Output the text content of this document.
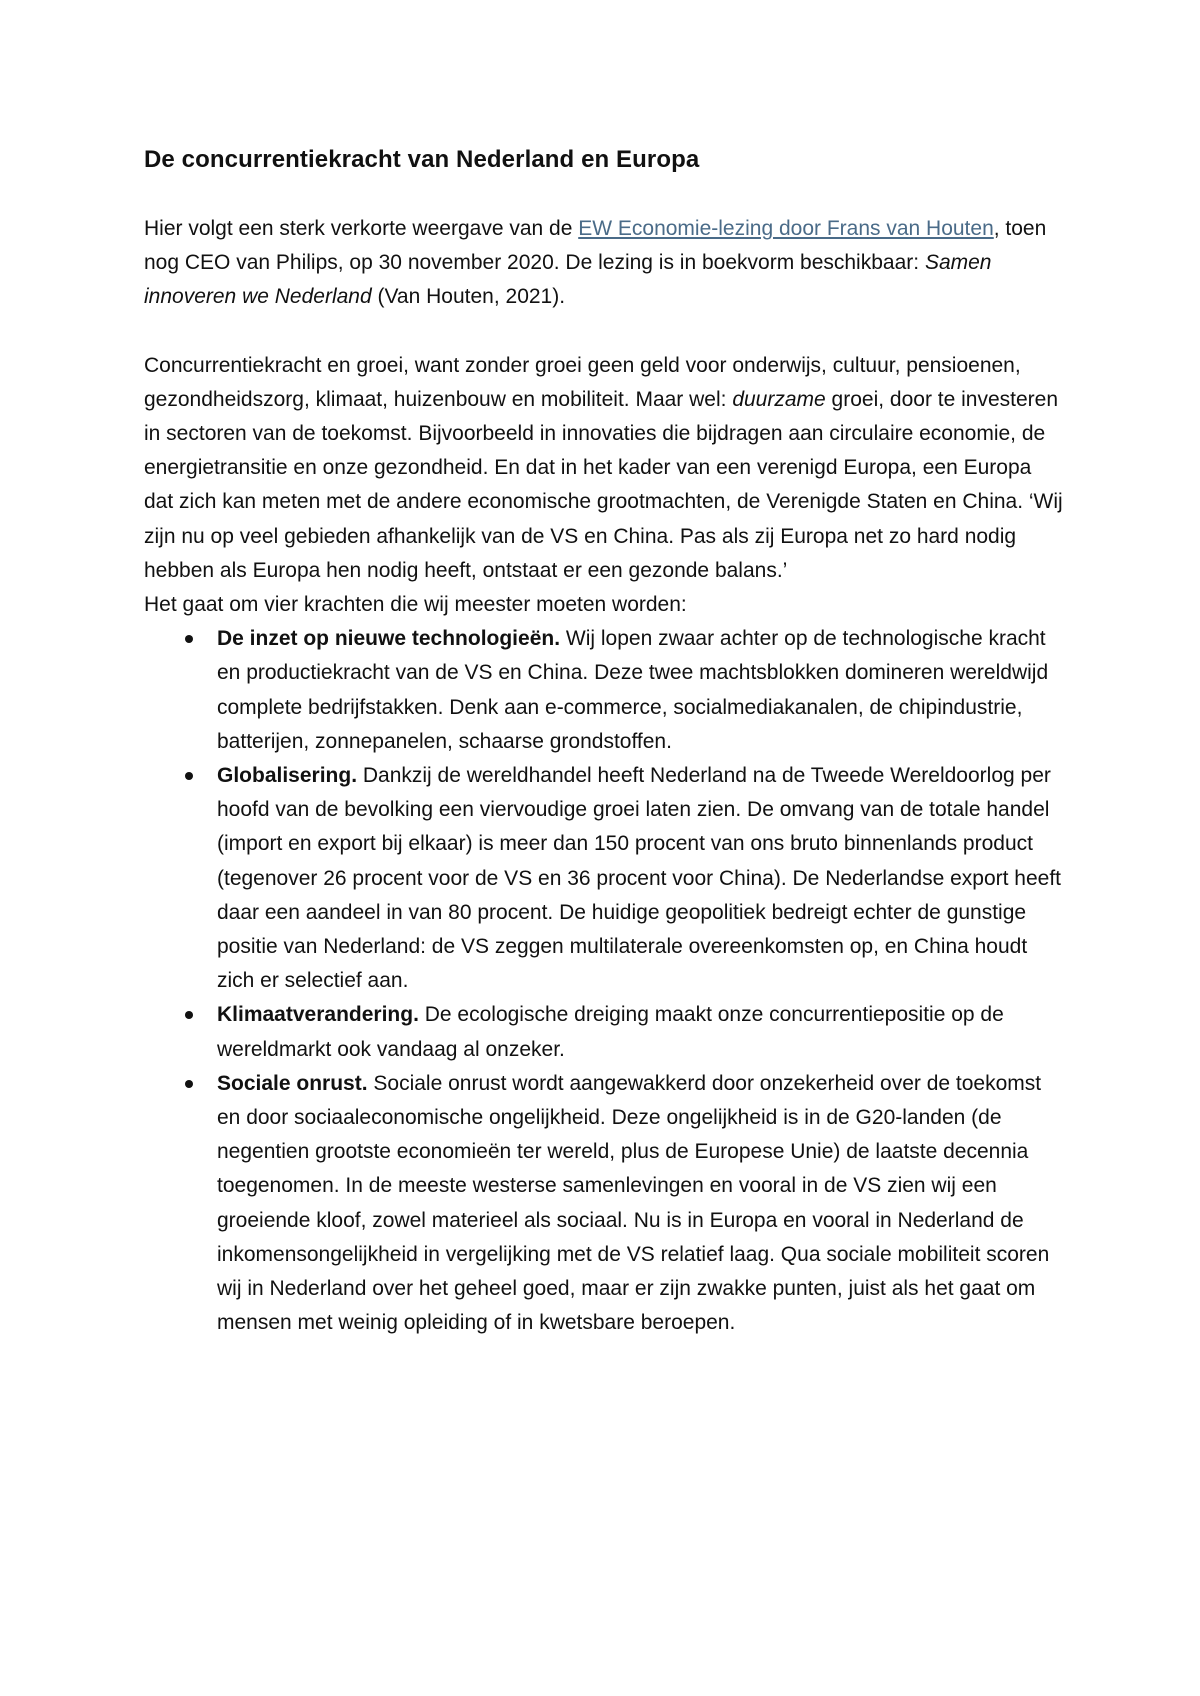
De concurrentiekracht van Nederland en Europa

Hier volgt een sterk verkorte weergave van de EW Economie-lezing door Frans van Houten, toen nog CEO van Philips, op 30 november 2020. De lezing is in boekvorm beschikbaar: Samen innoveren we Nederland (Van Houten, 2021).

Concurrentiekracht en groei, want zonder groei geen geld voor onderwijs, cultuur, pensioenen, gezondheidszorg, klimaat, huizenbouw en mobiliteit. Maar wel: duurzame groei, door te investeren in sectoren van de toekomst. Bijvoorbeeld in innovaties die bijdragen aan circulaire economie, de energietransitie en onze gezondheid. En dat in het kader van een verenigd Europa, een Europa dat zich kan meten met de andere economische grootmachten, de Verenigde Staten en China. ‘Wij zijn nu op veel gebieden afhankelijk van de VS en China. Pas als zij Europa net zo hard nodig hebben als Europa hen nodig heeft, ontstaat er een gezonde balans.’

Het gaat om vier krachten die wij meester moeten worden:

De inzet op nieuwe technologieën. Wij lopen zwaar achter op de technologische kracht en productiekracht van de VS en China. Deze twee machtsblokken domineren wereldwijd complete bedrijfstakken. Denk aan e-commerce, socialmediakanalen, de chipindustrie, batterijen, zonnepanelen, schaarse grondstoffen.
Globalisering. Dankzij de wereldhandel heeft Nederland na de Tweede Wereldoorlog per hoofd van de bevolking een viervoudige groei laten zien. De omvang van de totale handel (import en export bij elkaar) is meer dan 150 procent van ons bruto binnenlands product (tegenover 26 procent voor de VS en 36 procent voor China). De Nederlandse export heeft daar een aandeel in van 80 procent. De huidige geopolitiek bedreigt echter de gunstige positie van Nederland: de VS zeggen multilaterale overeenkomsten op, en China houdt zich er selectief aan.
Klimaatverandering. De ecologische dreiging maakt onze concurrentiepositie op de wereldmarkt ook vandaag al onzeker.
Sociale onrust. Sociale onrust wordt aangewakkerd door onzekerheid over de toekomst en door sociaaleconomische ongelijkheid. Deze ongelijkheid is in de G20-landen (de negentien grootste economieën ter wereld, plus de Europese Unie) de laatste decennia toegenomen. In de meeste westerse samenlevingen en vooral in de VS zien wij een groeiende kloof, zowel materieel als sociaal. Nu is in Europa en vooral in Nederland de inkomensongelijkheid in vergelijking met de VS relatief laag. Qua sociale mobiliteit scoren wij in Nederland over het geheel goed, maar er zijn zwakke punten, juist als het gaat om mensen met weinig opleiding of in kwetsbare beroepen.
